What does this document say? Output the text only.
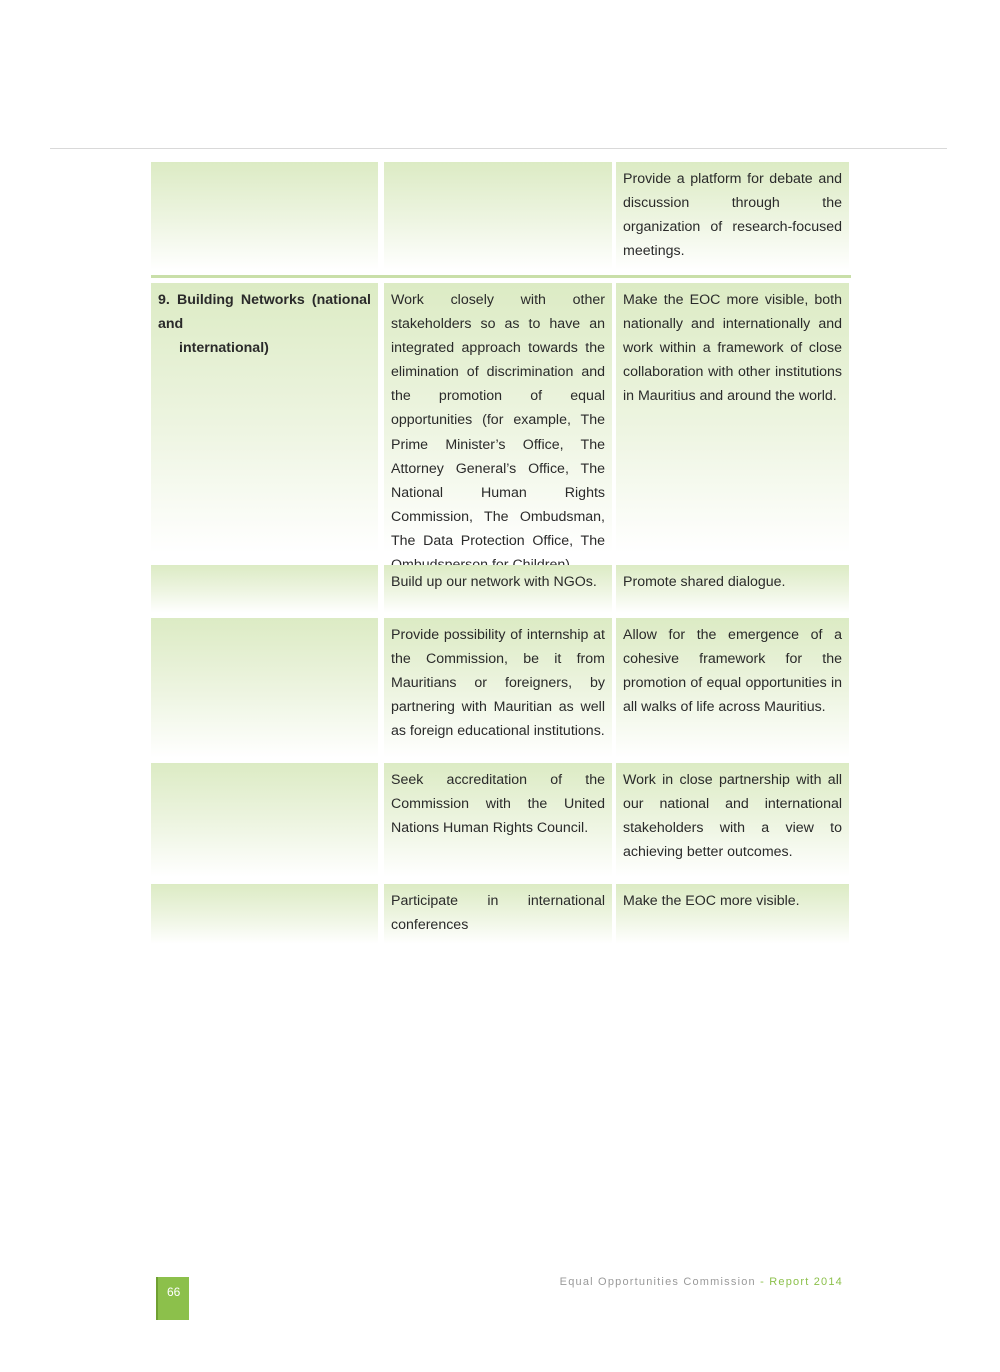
Provide a platform for debate and discussion through the organization of research-focused meetings.
9. Building Networks (national and
international)
Work closely with other stakeholders so as to have an integrated approach towards the elimination of discrimination and the promotion of equal opportunities (for example, The Prime Minister’s Office, The Attorney General’s Office, The National Human Rights Commission, The Ombudsman, The Data Protection Office, The
Make the EOC more visible, both nationally and internationally and work within a framework of close collaboration with other institutions in Mauritius and around the world.
Build up our network with NGOs.	Promote shared dialogue.
Provide possibility of internship at the Commission, be it from Mauritians or foreigners, by partnering with Mauritian as well as foreign educational institutions.
Allow for the emergence of a cohesive framework for the promotion of equal opportunities in all walks of life across Mauritius.
Seek accreditation of the Commission with the United Nations Human Rights Council.
Work in close partnership with all our national and international stakeholders with a view to achieving better outcomes.
Participate in international conferences
Make the EOC more visible.
Equal Opportunities Commission - Report 2014
66
